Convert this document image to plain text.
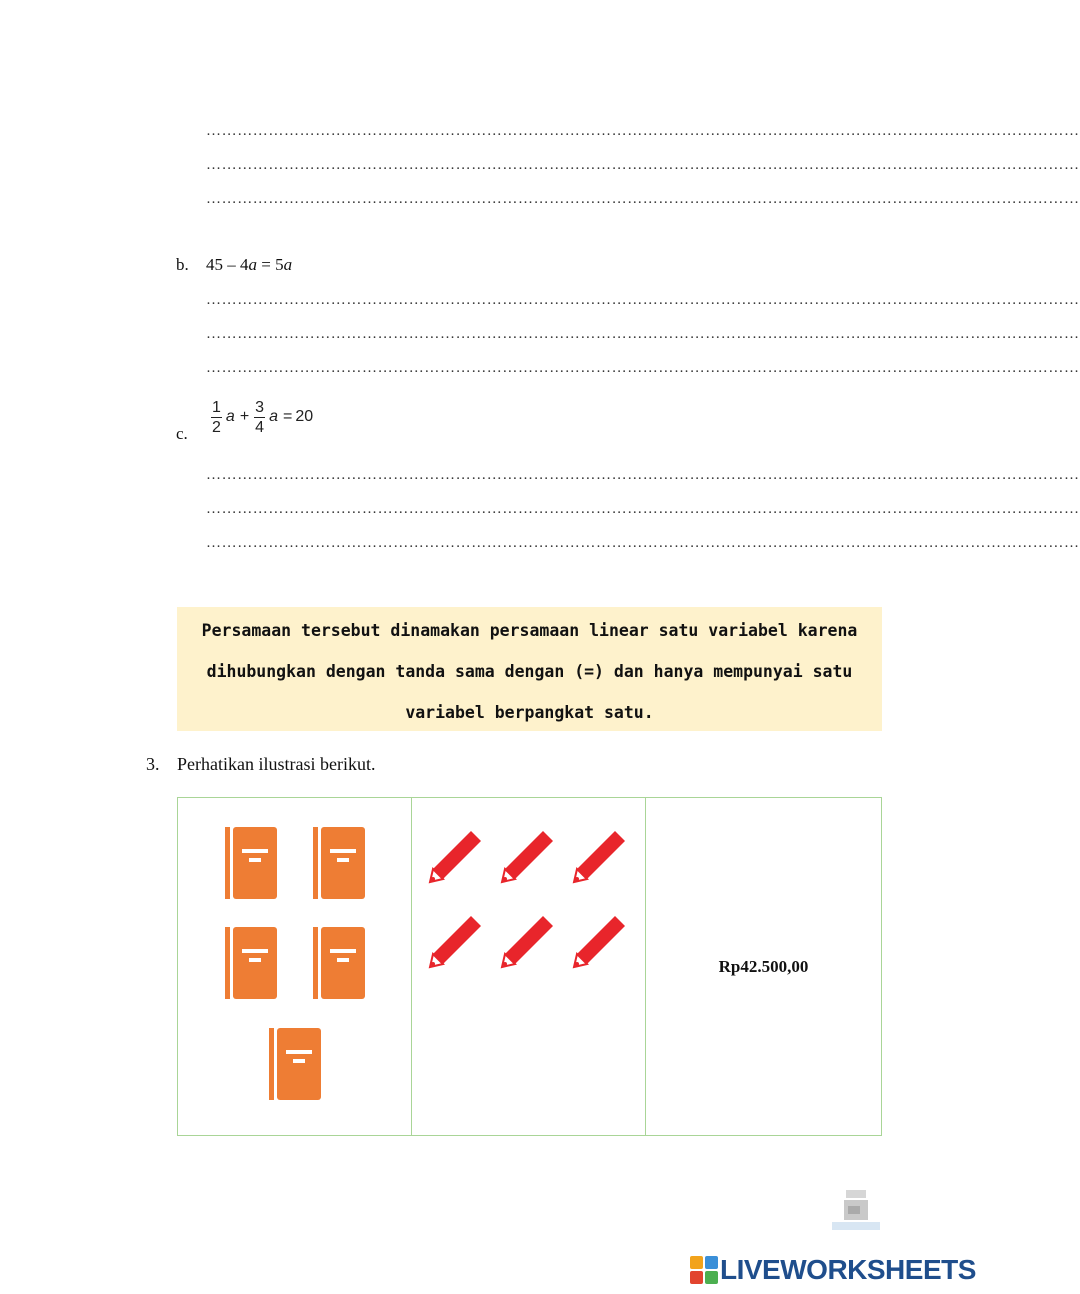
……………………………………………………………………………………………………………………………………………………
……………………………………………………………………………………………………………………………………………………
……………………………………………………………………………………………………………………………………………………
b. 45 – 4a = 5a
……………………………………………………………………………………………………………………………………………………
……………………………………………………………………………………………………………………………………………………
……………………………………………………………………………………………………………………………………………………
$\frac{1}{2}$ $a + \frac{3}{4}$ a = 20
c.
……………………………………………………………………………………………………………………………………………………
……………………………………………………………………………………………………………………………………………………
……………………………………………………………………………………………………………………………………………………
Persamaan tersebut dinamakan persamaan linear satu variabel karena
dihubungkan dengan tanda sama dengan (=) dan hanya mempunyai satu
variabel berpangkat satu.
3. Perhatikan ilustrasi berikut.

	Rp42.500,00
LIVEWORKSHEETS
